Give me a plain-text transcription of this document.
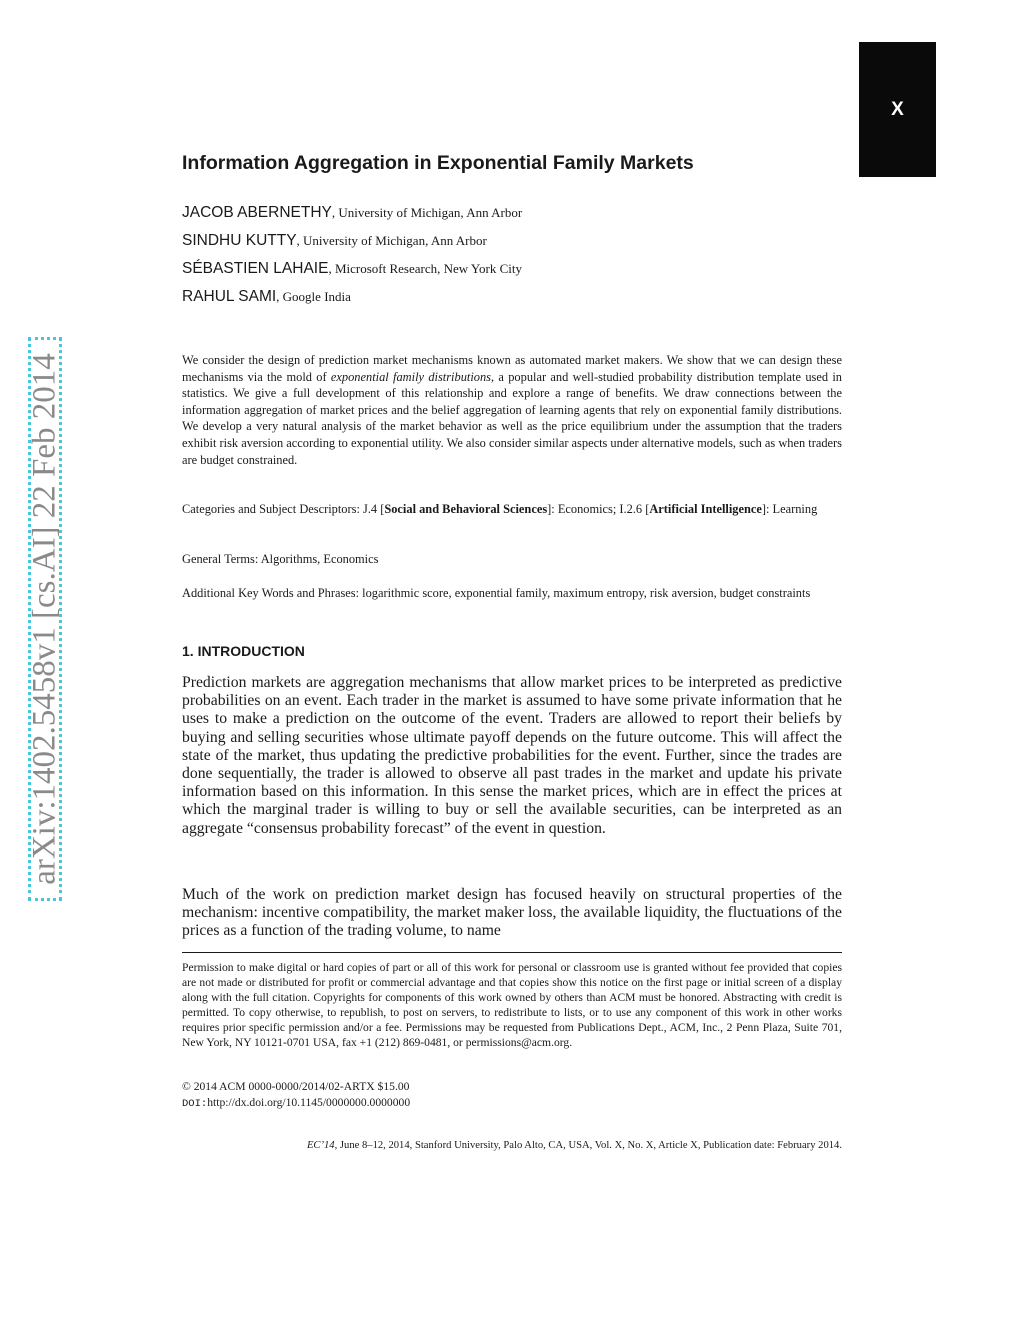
X
arXiv:1402.5458v1 [cs.AI] 22 Feb 2014
Information Aggregation in Exponential Family Markets
JACOB ABERNETHY, University of Michigan, Ann Arbor
SINDHU KUTTY, University of Michigan, Ann Arbor
SÉBASTIEN LAHAIE, Microsoft Research, New York City
RAHUL SAMI, Google India

We consider the design of prediction market mechanisms known as automated market makers. We show that we can design these mechanisms via the mold of exponential family distributions, a popular and well-studied probability distribution template used in statistics. We give a full development of this relationship and explore a range of benefits. We draw connections between the information aggregation of market prices and the belief aggregation of learning agents that rely on exponential family distributions. We develop a very natural analysis of the market behavior as well as the price equilibrium under the assumption that the traders exhibit risk aversion according to exponential utility. We also consider similar aspects under alternative models, such as when traders are budget constrained.

Categories and Subject Descriptors: J.4 [Social and Behavioral Sciences]: Economics; I.2.6 [Artificial Intelligence]: Learning

General Terms: Algorithms, Economics

Additional Key Words and Phrases: logarithmic score, exponential family, maximum entropy, risk aversion, budget constraints

1. INTRODUCTION

Prediction markets are aggregation mechanisms that allow market prices to be interpreted as predictive probabilities on an event. Each trader in the market is assumed to have some private information that he uses to make a prediction on the outcome of the event. Traders are allowed to report their beliefs by buying and selling securities whose ultimate payoff depends on the future outcome. This will affect the state of the market, thus updating the predictive probabilities for the event. Further, since the trades are done sequentially, the trader is allowed to observe all past trades in the market and update his private information based on this information. In this sense the market prices, which are in effect the prices at which the marginal trader is willing to buy or sell the available securities, can be interpreted as an aggregate “consensus probability forecast” of the event in question.

Much of the work on prediction market design has focused heavily on structural properties of the mechanism: incentive compatibility, the market maker loss, the available liquidity, the fluctuations of the prices as a function of the trading volume, to name

Permission to make digital or hard copies of part or all of this work for personal or classroom use is granted without fee provided that copies are not made or distributed for profit or commercial advantage and that copies show this notice on the first page or initial screen of a display along with the full citation. Copyrights for components of this work owned by others than ACM must be honored. Abstracting with credit is permitted. To copy otherwise, to republish, to post on servers, to redistribute to lists, or to use any component of this work in other works requires prior specific permission and/or a fee. Permissions may be requested from Publications Dept., ACM, Inc., 2 Penn Plaza, Suite 701, New York, NY 10121-0701 USA, fax +1 (212) 869-0481, or permissions@acm.org.

© 2014 ACM 0000-0000/2014/02-ARTX $15.00
DOI:http://dx.doi.org/10.1145/0000000.0000000

EC’14, June 8–12, 2014, Stanford University, Palo Alto, CA, USA, Vol. X, No. X, Article X, Publication date: February 2014.
